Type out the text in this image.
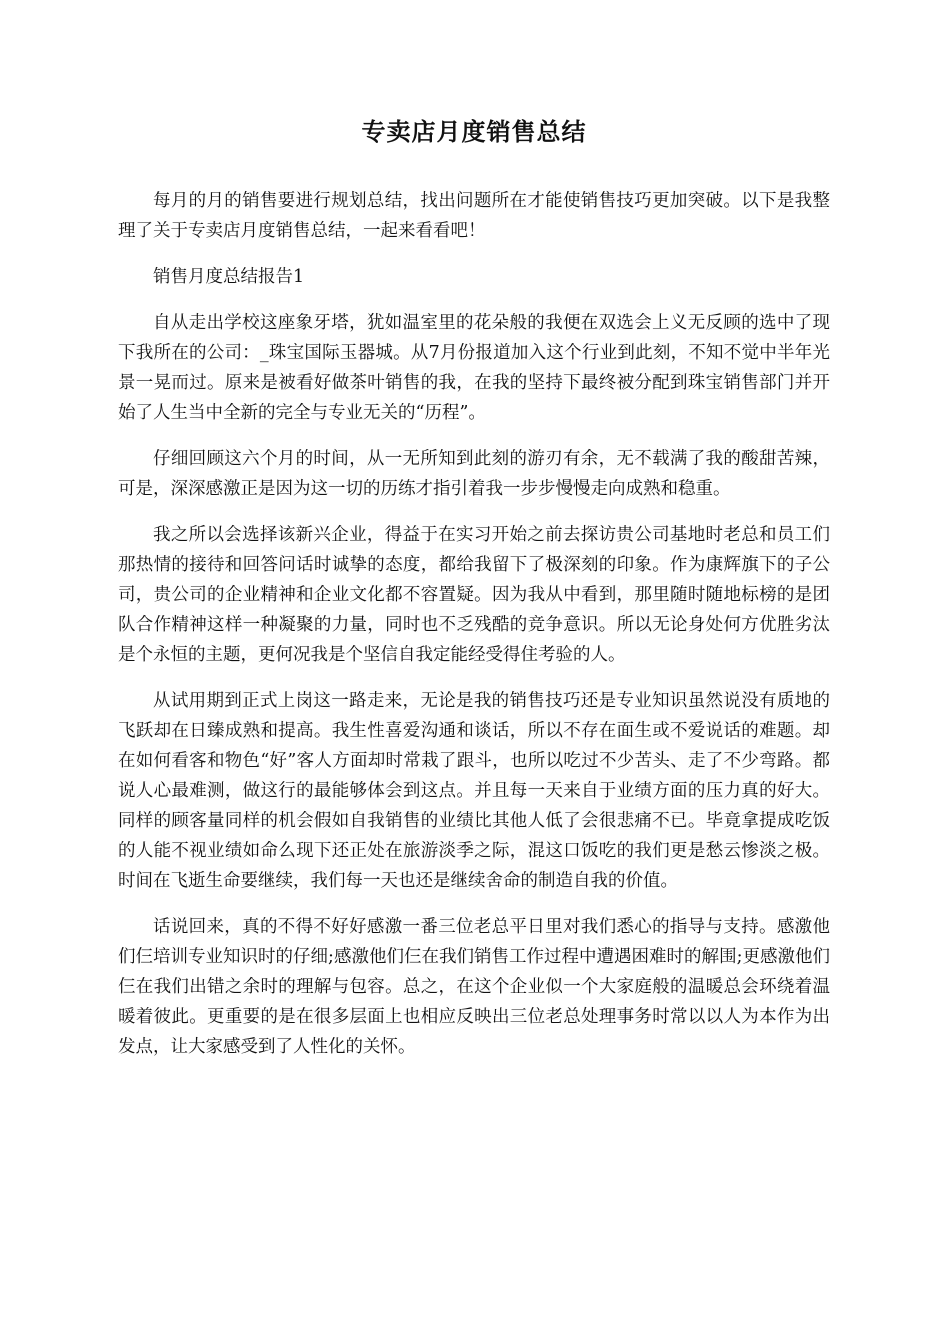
专卖店月度销售总结

每月的月的销售要进行规划总结，找出问题所在才能使销售技巧更加突破。以下是我整理了关于专卖店月度销售总结，一起来看看吧！

销售月度总结报告1

自从走出学校这座象牙塔，犹如温室里的花朵般的我便在双选会上义无反顾的选中了现下我所在的公司：_珠宝国际玉器城。从7月份报道加入这个行业到此刻，不知不觉中半年光景一晃而过。原来是被看好做茶叶销售的我，在我的坚持下最终被分配到珠宝销售部门并开始了人生当中全新的完全与专业无关的“历程”。

仔细回顾这六个月的时间，从一无所知到此刻的游刃有余，无不载满了我的酸甜苦辣，可是，深深感激正是因为这一切的历练才指引着我一步步慢慢走向成熟和稳重。

我之所以会选择该新兴企业，得益于在实习开始之前去探访贵公司基地时老总和员工们那热情的接待和回答问话时诚挚的态度，都给我留下了极深刻的印象。作为康辉旗下的子公司，贵公司的企业精神和企业文化都不容置疑。因为我从中看到，那里随时随地标榜的是团队合作精神这样一种凝聚的力量，同时也不乏残酷的竞争意识。所以无论身处何方优胜劣汰是个永恒的主题，更何况我是个坚信自我定能经受得住考验的人。

从试用期到正式上岗这一路走来，无论是我的销售技巧还是专业知识虽然说没有质地的飞跃却在日臻成熟和提高。我生性喜爱沟通和谈话，所以不存在面生或不爱说话的难题。却在如何看客和物色“好”客人方面却时常栽了跟斗，也所以吃过不少苦头、走了不少弯路。都说人心最难测，做这行的最能够体会到这点。并且每一天来自于业绩方面的压力真的好大。同样的顾客量同样的机会假如自我销售的业绩比其他人低了会很悲痛不已。毕竟拿提成吃饭的人能不视业绩如命么现下还正处在旅游淡季之际，混这口饭吃的我们更是愁云惨淡之极。时间在飞逝生命要继续，我们每一天也还是继续舍命的制造自我的价值。

话说回来，真的不得不好好感激一番三位老总平日里对我们悉心的指导与支持。感激他们仨培训专业知识时的仔细;感激他们仨在我们销售工作过程中遭遇困难时的解围;更感激他们仨在我们出错之余时的理解与包容。总之，在这个企业似一个大家庭般的温暖总会环绕着温暖着彼此。更重要的是在很多层面上也相应反映出三位老总处理事务时常以以人为本作为出发点，让大家感受到了人性化的关怀。
